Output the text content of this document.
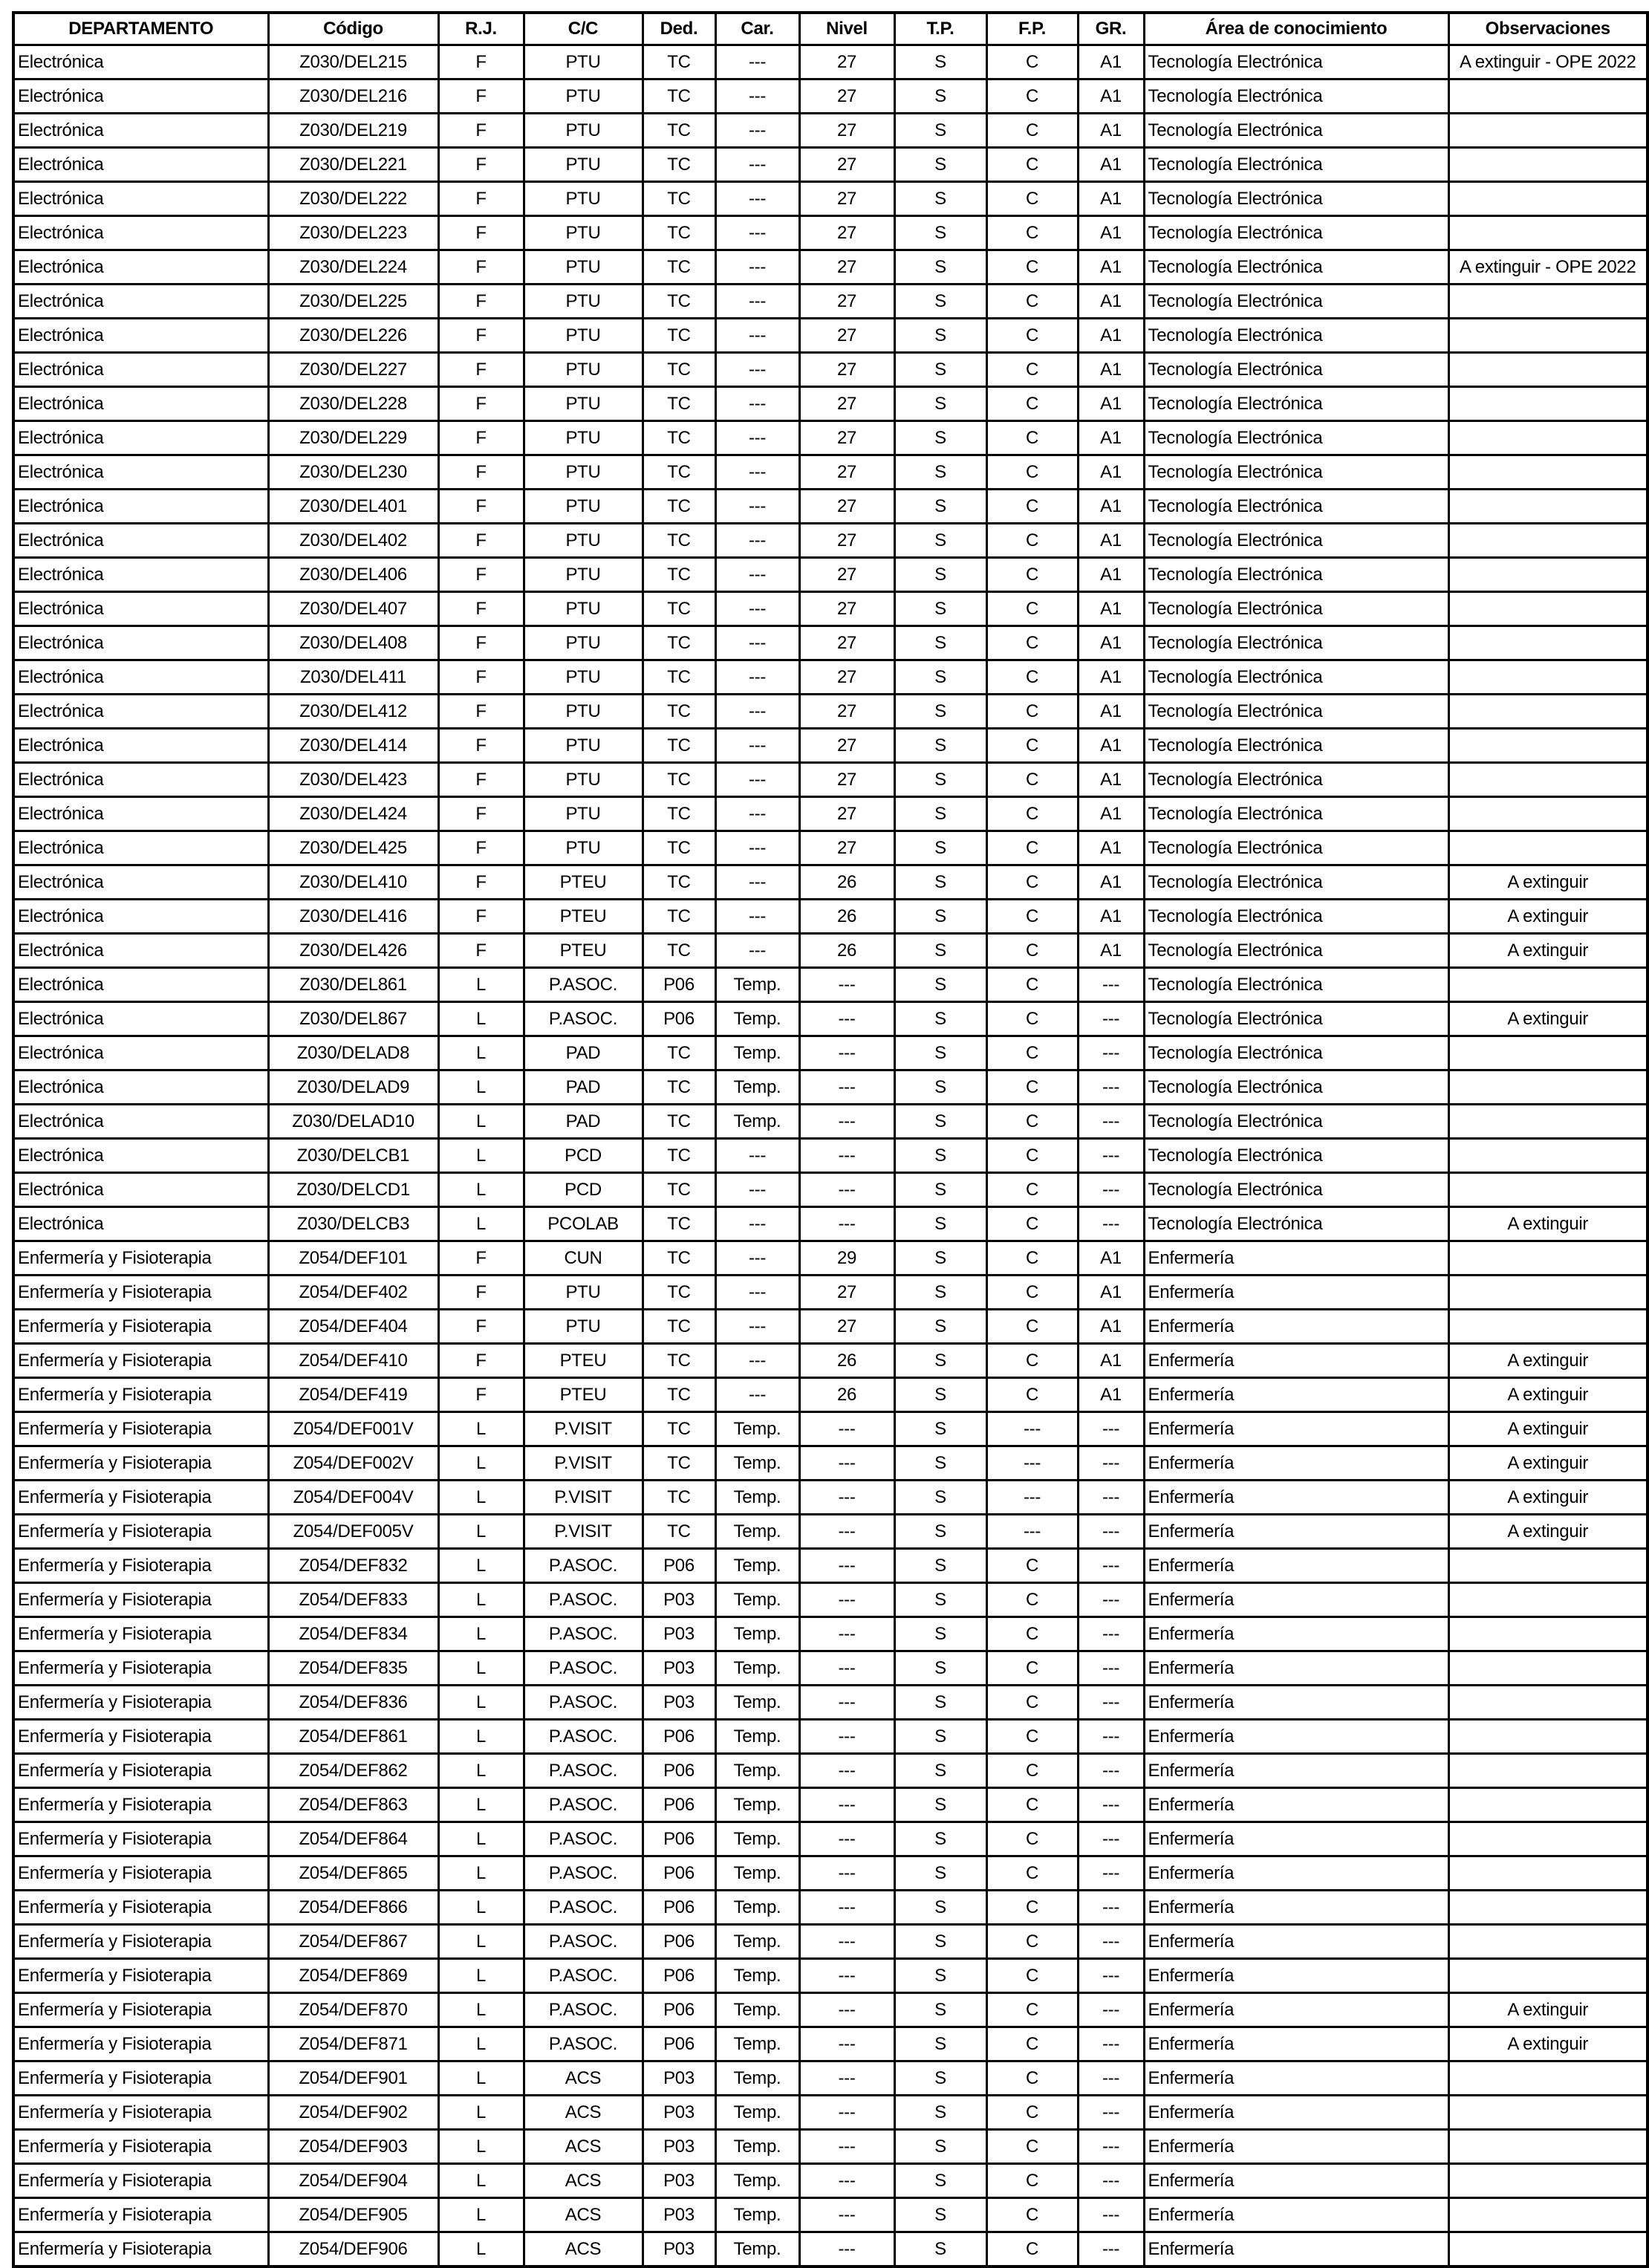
DEPARTAMENTO	Código	R.J.	C/C	Ded.	Car.	Nivel	T.P.	F.P.	GR.	Área de conocimiento	Observaciones
Electrónica	Z030/DEL215	F	PTU	TC	---	27	S	C	A1	Tecnología Electrónica	A extinguir - OPE 2022
Electrónica	Z030/DEL216	F	PTU	TC	---	27	S	C	A1	Tecnología Electrónica	
Electrónica	Z030/DEL219	F	PTU	TC	---	27	S	C	A1	Tecnología Electrónica	
Electrónica	Z030/DEL221	F	PTU	TC	---	27	S	C	A1	Tecnología Electrónica	
Electrónica	Z030/DEL222	F	PTU	TC	---	27	S	C	A1	Tecnología Electrónica	
Electrónica	Z030/DEL223	F	PTU	TC	---	27	S	C	A1	Tecnología Electrónica	
Electrónica	Z030/DEL224	F	PTU	TC	---	27	S	C	A1	Tecnología Electrónica	A extinguir - OPE 2022
Electrónica	Z030/DEL225	F	PTU	TC	---	27	S	C	A1	Tecnología Electrónica	
Electrónica	Z030/DEL226	F	PTU	TC	---	27	S	C	A1	Tecnología Electrónica	
Electrónica	Z030/DEL227	F	PTU	TC	---	27	S	C	A1	Tecnología Electrónica	
Electrónica	Z030/DEL228	F	PTU	TC	---	27	S	C	A1	Tecnología Electrónica	
Electrónica	Z030/DEL229	F	PTU	TC	---	27	S	C	A1	Tecnología Electrónica	
Electrónica	Z030/DEL230	F	PTU	TC	---	27	S	C	A1	Tecnología Electrónica	
Electrónica	Z030/DEL401	F	PTU	TC	---	27	S	C	A1	Tecnología Electrónica	
Electrónica	Z030/DEL402	F	PTU	TC	---	27	S	C	A1	Tecnología Electrónica	
Electrónica	Z030/DEL406	F	PTU	TC	---	27	S	C	A1	Tecnología Electrónica	
Electrónica	Z030/DEL407	F	PTU	TC	---	27	S	C	A1	Tecnología Electrónica	
Electrónica	Z030/DEL408	F	PTU	TC	---	27	S	C	A1	Tecnología Electrónica	
Electrónica	Z030/DEL411	F	PTU	TC	---	27	S	C	A1	Tecnología Electrónica	
Electrónica	Z030/DEL412	F	PTU	TC	---	27	S	C	A1	Tecnología Electrónica	
Electrónica	Z030/DEL414	F	PTU	TC	---	27	S	C	A1	Tecnología Electrónica	
Electrónica	Z030/DEL423	F	PTU	TC	---	27	S	C	A1	Tecnología Electrónica	
Electrónica	Z030/DEL424	F	PTU	TC	---	27	S	C	A1	Tecnología Electrónica	
Electrónica	Z030/DEL425	F	PTU	TC	---	27	S	C	A1	Tecnología Electrónica	
Electrónica	Z030/DEL410	F	PTEU	TC	---	26	S	C	A1	Tecnología Electrónica	A extinguir
Electrónica	Z030/DEL416	F	PTEU	TC	---	26	S	C	A1	Tecnología Electrónica	A extinguir
Electrónica	Z030/DEL426	F	PTEU	TC	---	26	S	C	A1	Tecnología Electrónica	A extinguir
Electrónica	Z030/DEL861	L	P.ASOC.	P06	Temp.	---	S	C	---	Tecnología Electrónica	
Electrónica	Z030/DEL867	L	P.ASOC.	P06	Temp.	---	S	C	---	Tecnología Electrónica	A extinguir
Electrónica	Z030/DELAD8	L	PAD	TC	Temp.	---	S	C	---	Tecnología Electrónica	
Electrónica	Z030/DELAD9	L	PAD	TC	Temp.	---	S	C	---	Tecnología Electrónica	
Electrónica	Z030/DELAD10	L	PAD	TC	Temp.	---	S	C	---	Tecnología Electrónica	
Electrónica	Z030/DELCB1	L	PCD	TC	---	---	S	C	---	Tecnología Electrónica	
Electrónica	Z030/DELCD1	L	PCD	TC	---	---	S	C	---	Tecnología Electrónica	
Electrónica	Z030/DELCB3	L	PCOLAB	TC	---	---	S	C	---	Tecnología Electrónica	A extinguir
Enfermería y Fisioterapia	Z054/DEF101	F	CUN	TC	---	29	S	C	A1	Enfermería	
Enfermería y Fisioterapia	Z054/DEF402	F	PTU	TC	---	27	S	C	A1	Enfermería	
Enfermería y Fisioterapia	Z054/DEF404	F	PTU	TC	---	27	S	C	A1	Enfermería	
Enfermería y Fisioterapia	Z054/DEF410	F	PTEU	TC	---	26	S	C	A1	Enfermería	A extinguir
Enfermería y Fisioterapia	Z054/DEF419	F	PTEU	TC	---	26	S	C	A1	Enfermería	A extinguir
Enfermería y Fisioterapia	Z054/DEF001V	L	P.VISIT	TC	Temp.	---	S	---	---	Enfermería	A extinguir
Enfermería y Fisioterapia	Z054/DEF002V	L	P.VISIT	TC	Temp.	---	S	---	---	Enfermería	A extinguir
Enfermería y Fisioterapia	Z054/DEF004V	L	P.VISIT	TC	Temp.	---	S	---	---	Enfermería	A extinguir
Enfermería y Fisioterapia	Z054/DEF005V	L	P.VISIT	TC	Temp.	---	S	---	---	Enfermería	A extinguir
Enfermería y Fisioterapia	Z054/DEF832	L	P.ASOC.	P06	Temp.	---	S	C	---	Enfermería	
Enfermería y Fisioterapia	Z054/DEF833	L	P.ASOC.	P03	Temp.	---	S	C	---	Enfermería	
Enfermería y Fisioterapia	Z054/DEF834	L	P.ASOC.	P03	Temp.	---	S	C	---	Enfermería	
Enfermería y Fisioterapia	Z054/DEF835	L	P.ASOC.	P03	Temp.	---	S	C	---	Enfermería	
Enfermería y Fisioterapia	Z054/DEF836	L	P.ASOC.	P03	Temp.	---	S	C	---	Enfermería	
Enfermería y Fisioterapia	Z054/DEF861	L	P.ASOC.	P06	Temp.	---	S	C	---	Enfermería	
Enfermería y Fisioterapia	Z054/DEF862	L	P.ASOC.	P06	Temp.	---	S	C	---	Enfermería	
Enfermería y Fisioterapia	Z054/DEF863	L	P.ASOC.	P06	Temp.	---	S	C	---	Enfermería	
Enfermería y Fisioterapia	Z054/DEF864	L	P.ASOC.	P06	Temp.	---	S	C	---	Enfermería	
Enfermería y Fisioterapia	Z054/DEF865	L	P.ASOC.	P06	Temp.	---	S	C	---	Enfermería	
Enfermería y Fisioterapia	Z054/DEF866	L	P.ASOC.	P06	Temp.	---	S	C	---	Enfermería	
Enfermería y Fisioterapia	Z054/DEF867	L	P.ASOC.	P06	Temp.	---	S	C	---	Enfermería	
Enfermería y Fisioterapia	Z054/DEF869	L	P.ASOC.	P06	Temp.	---	S	C	---	Enfermería	
Enfermería y Fisioterapia	Z054/DEF870	L	P.ASOC.	P06	Temp.	---	S	C	---	Enfermería	A extinguir
Enfermería y Fisioterapia	Z054/DEF871	L	P.ASOC.	P06	Temp.	---	S	C	---	Enfermería	A extinguir
Enfermería y Fisioterapia	Z054/DEF901	L	ACS	P03	Temp.	---	S	C	---	Enfermería	
Enfermería y Fisioterapia	Z054/DEF902	L	ACS	P03	Temp.	---	S	C	---	Enfermería	
Enfermería y Fisioterapia	Z054/DEF903	L	ACS	P03	Temp.	---	S	C	---	Enfermería	
Enfermería y Fisioterapia	Z054/DEF904	L	ACS	P03	Temp.	---	S	C	---	Enfermería	
Enfermería y Fisioterapia	Z054/DEF905	L	ACS	P03	Temp.	---	S	C	---	Enfermería	
Enfermería y Fisioterapia	Z054/DEF906	L	ACS	P03	Temp.	---	S	C	---	Enfermería	
